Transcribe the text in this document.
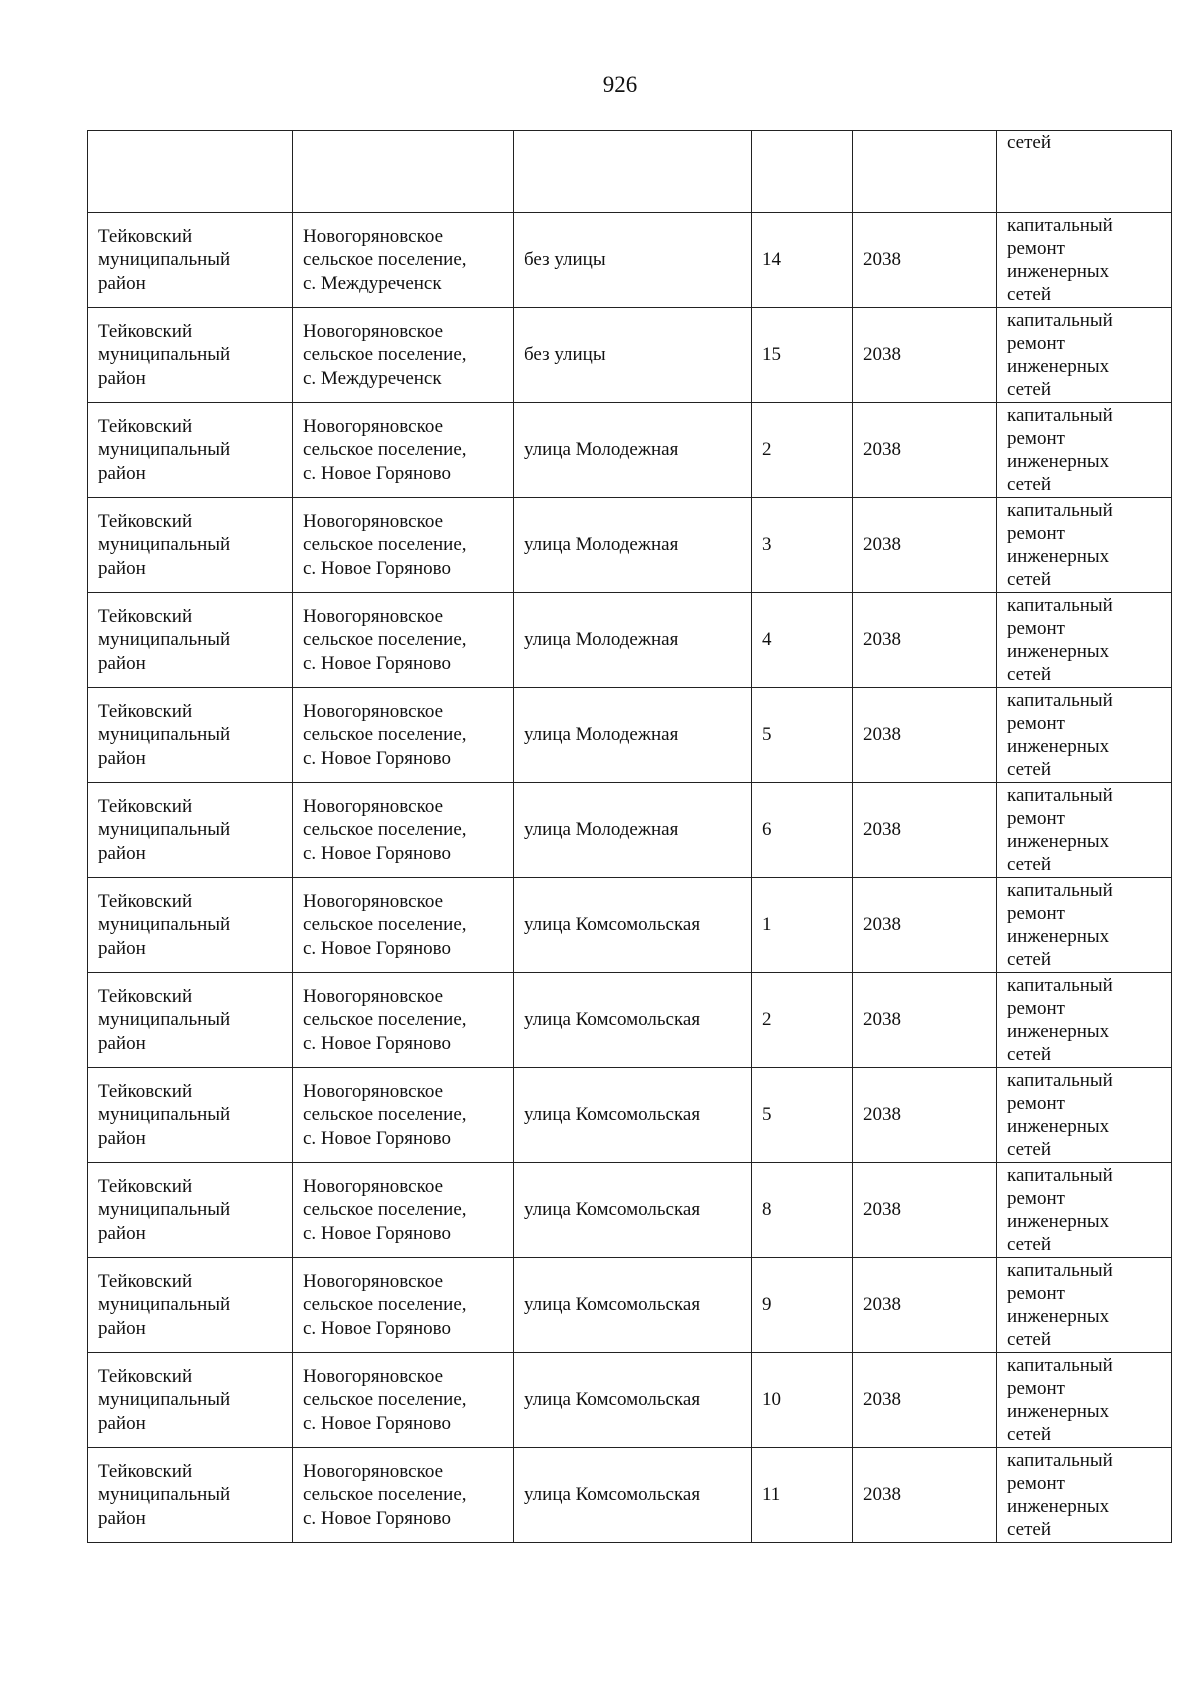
926
					сетей
Тейковский
муниципальный
район	Новогоряновское
сельское поселение,
с. Междуреченск	без улицы	14	2038	капитальный
ремонт
инженерных
сетей
Тейковский
муниципальный
район	Новогоряновское
сельское поселение,
с. Междуреченск	без улицы	15	2038	капитальный
ремонт
инженерных
сетей
Тейковский
муниципальный
район	Новогоряновское
сельское поселение,
с. Новое Горяново	улица Молодежная	2	2038	капитальный
ремонт
инженерных
сетей
Тейковский
муниципальный
район	Новогоряновское
сельское поселение,
с. Новое Горяново	улица Молодежная	3	2038	капитальный
ремонт
инженерных
сетей
Тейковский
муниципальный
район	Новогоряновское
сельское поселение,
с. Новое Горяново	улица Молодежная	4	2038	капитальный
ремонт
инженерных
сетей
Тейковский
муниципальный
район	Новогоряновское
сельское поселение,
с. Новое Горяново	улица Молодежная	5	2038	капитальный
ремонт
инженерных
сетей
Тейковский
муниципальный
район	Новогоряновское
сельское поселение,
с. Новое Горяново	улица Молодежная	6	2038	капитальный
ремонт
инженерных
сетей
Тейковский
муниципальный
район	Новогоряновское
сельское поселение,
с. Новое Горяново	улица Комсомольская	1	2038	капитальный
ремонт
инженерных
сетей
Тейковский
муниципальный
район	Новогоряновское
сельское поселение,
с. Новое Горяново	улица Комсомольская	2	2038	капитальный
ремонт
инженерных
сетей
Тейковский
муниципальный
район	Новогоряновское
сельское поселение,
с. Новое Горяново	улица Комсомольская	5	2038	капитальный
ремонт
инженерных
сетей
Тейковский
муниципальный
район	Новогоряновское
сельское поселение,
с. Новое Горяново	улица Комсомольская	8	2038	капитальный
ремонт
инженерных
сетей
Тейковский
муниципальный
район	Новогоряновское
сельское поселение,
с. Новое Горяново	улица Комсомольская	9	2038	капитальный
ремонт
инженерных
сетей
Тейковский
муниципальный
район	Новогоряновское
сельское поселение,
с. Новое Горяново	улица Комсомольская	10	2038	капитальный
ремонт
инженерных
сетей
Тейковский
муниципальный
район	Новогоряновское
сельское поселение,
с. Новое Горяново	улица Комсомольская	11	2038	капитальный
ремонт
инженерных
сетей
